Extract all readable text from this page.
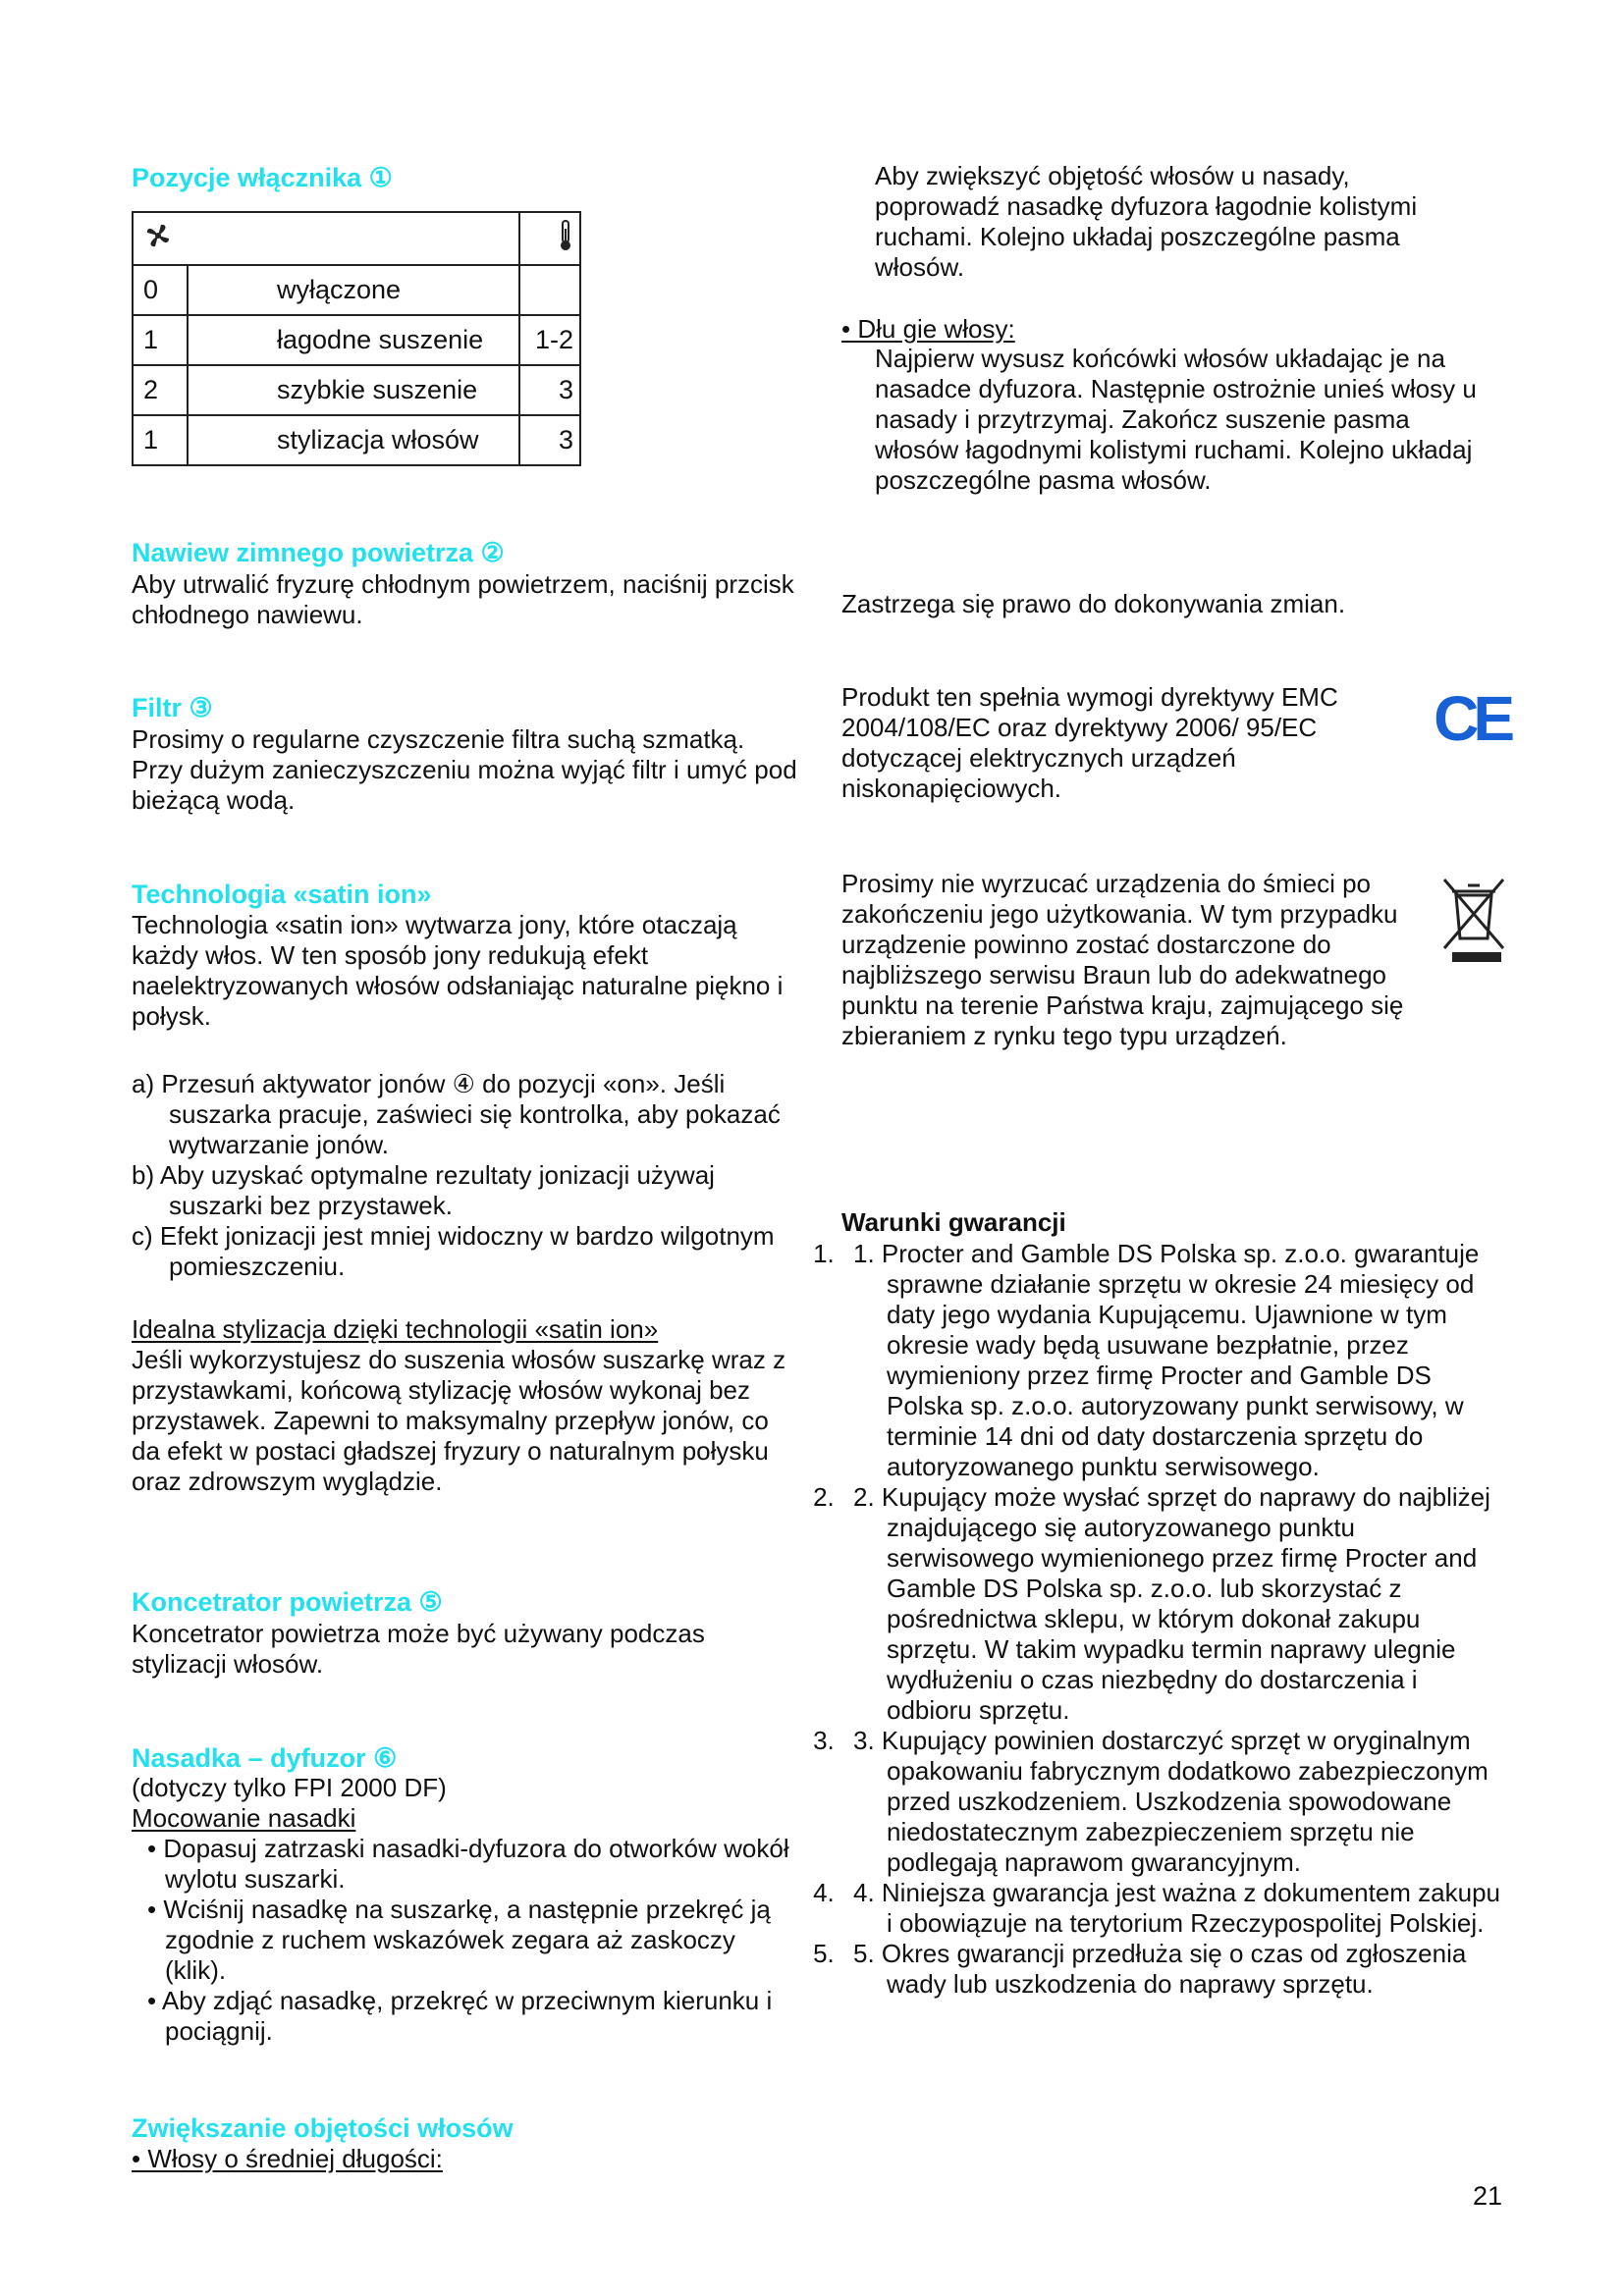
Pozycje włącznika ①

0	wyłączone	
1	łagodne suszenie	1-2
2	szybkie suszenie	3
1	stylizacja włosów	3
Nawiew zimnego powietrza ②

Aby utrwalić fryzurę chłodnym powietrzem, naciśnij przcisk chłodnego nawiewu.

Filtr ③

Prosimy o regularne czyszczenie filtra suchą szmatką. Przy dużym zanieczyszczeniu można wyjąć filtr i umyć pod bieżącą wodą.

Technologia «satin ion»

Technologia «satin ion» wytwarza jony, które otaczają każdy włos. W ten sposób jony redukują efekt naelektryzowanych włosów odsłaniając naturalne piękno i połysk.

a) Przesuń aktywator jonów ④ do pozycji «on». Jeśli suszarka pracuje, zaświeci się kontrolka, aby pokazać wytwarzanie jonów.

b) Aby uzyskać optymalne rezultaty jonizacji używaj suszarki bez przystawek.

c) Efekt jonizacji jest mniej widoczny w bardzo wilgotnym pomieszczeniu.

Idealna stylizacja dzięki technologii «satin ion»

Jeśli wykorzystujesz do suszenia włosów suszarkę wraz z przystawkami, końcową stylizację włosów wykonaj bez przystawek. Zapewni to maksymalny przepływ jonów, co da efekt w postaci gładszej fryzury o naturalnym połysku oraz zdrowszym wyglądzie.

Koncetrator powietrza ⑤

Koncetrator powietrza może być używany podczas stylizacji włosów.

Nasadka – dyfuzor ⑥

(dotyczy tylko FPI 2000 DF)

Mocowanie nasadki

• Dopasuj zatrzaski nasadki-dyfuzora do otworków wokół wylotu suszarki.

• Wciśnij nasadkę na suszarkę, a następnie przekręć ją zgodnie z ruchem wskazówek zegara aż zaskoczy (klik).

• Aby zdjąć nasadkę, przekręć w przeciwnym kierunku i pociągnij.

Zwiększanie objętości włosów

• Włosy o średniej długości:

Aby zwiększyć objętość włosów u nasady, poprowadź nasadkę dyfuzora łagodnie kolistymi ruchami. Kolejno układaj poszczególne pasma włosów.

• Dłu gie włosy:

Najpierw wysusz końcówki włosów układając je na nasadce dyfuzora. Następnie ostrożnie unieś włosy u nasady i przytrzymaj. Zakończ suszenie pasma włosów łagodnymi kolistymi ruchami. Kolejno układaj poszczególne pasma włosów.

Zastrzega się prawo do dokonywania zmian.

Produkt ten spełnia wymogi dyrektywy EMC 2004/108/EC oraz dyrektywy 2006/ 95/EC dotyczącej elektrycznych urządzeń niskonapięciowych.

CE

Prosimy nie wyrzucać urządzenia do śmieci po zakończeniu jego użytkowania. W tym przypadku urządzenie powinno zostać dostarczone do najbliższego serwisu Braun lub do adekwatnego punktu na terenie Państwa kraju, zajmującego się zbieraniem z rynku tego typu urządzeń.

Warunki gwarancji

1. 1. Procter and Gamble DS Polska sp. z.o.o. gwarantuje sprawne działanie sprzętu w okresie 24 miesięcy od daty jego wydania Kupującemu. Ujawnione w tym okresie wady będą usuwane bezpłatnie, przez wymieniony przez firmę Procter and Gamble DS Polska sp. z.o.o. autoryzowany punkt serwisowy, w terminie 14 dni od daty dostarczenia sprzętu do autoryzowanego punktu serwisowego.
2. 2. Kupujący może wysłać sprzęt do naprawy do najbliżej znajdującego się autoryzowanego punktu serwisowego wymienionego przez firmę Procter and Gamble DS Polska sp. z.o.o. lub skorzystać z pośrednictwa sklepu, w którym dokonał zakupu sprzętu. W takim wypadku termin naprawy ulegnie wydłużeniu o czas niezbędny do dostarczenia i odbioru sprzętu.
3. 3. Kupujący powinien dostarczyć sprzęt w oryginalnym opakowaniu fabrycznym dodatkowo zabezpieczonym przed uszkodzeniem. Uszkodzenia spowodowane niedostatecznym zabezpieczeniem sprzętu nie podlegają naprawom gwarancyjnym.
4. 4. Niniejsza gwarancja jest ważna z dokumentem zakupu i obowiązuje na terytorium Rzeczypospolitej Polskiej.
5. 5. Okres gwarancji przedłuża się o czas od zgłoszenia wady lub uszkodzenia do naprawy sprzętu.
21
